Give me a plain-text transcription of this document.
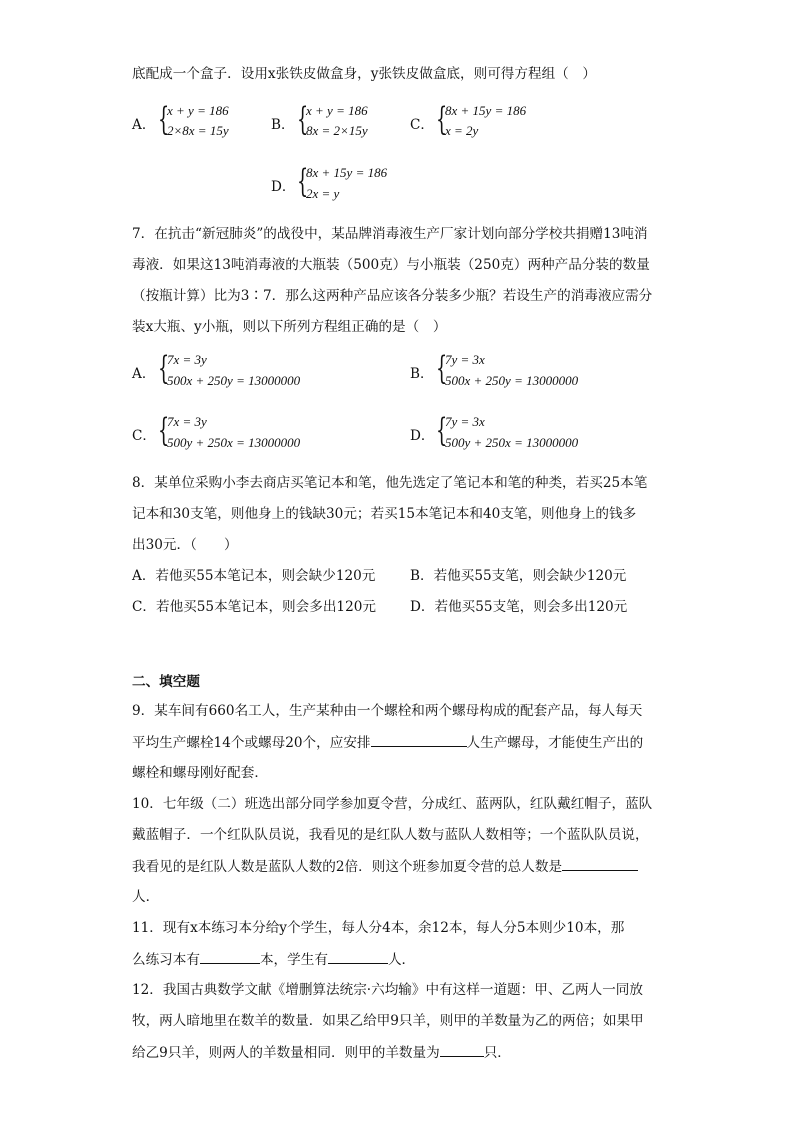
底配成一个盒子．设用x张铁皮做盒身，y张铁皮做盒底，则可得方程组（　）
A． {
x + y = 186
2×8x = 15y	B． {
x + y = 186
8x = 2×15y	C． {
8x + 15y = 186
x = 2y
D． {
8x + 15y = 186
2x = y
7．在抗击“新冠肺炎”的战役中，某品牌消毒液生产厂家计划向部分学校共捐赠13吨消
毒液．如果这13吨消毒液的大瓶装（500克）与小瓶装（250克）两种产品分装的数量
（按瓶计算）比为3∶7．那么这两种产品应该各分装多少瓶？若设生产的消毒液应需分
装x大瓶、y小瓶，则以下所列方程组正确的是（　）
A． {
7x = 3y
500x + 250y = 13000000	B． {
7y = 3x
500x + 250y = 13000000
C． {
7x = 3y
500y + 250x = 13000000	D． {
7y = 3x
500y + 250x = 13000000
8．某单位采购小李去商店买笔记本和笔，他先选定了笔记本和笔的种类，若买25本笔
记本和30支笔，则他身上的钱缺30元；若买15本笔记本和40支笔，则他身上的钱多
出30元．（　　）
A．若他买55本笔记本，则会缺少120元	B．若他买55支笔，则会缺少120元
C．若他买55本笔记本，则会多出120元	D．若他买55支笔，则会多出120元
二、填空题
9．某车间有660名工人，生产某种由一个螺栓和两个螺母构成的配套产品，每人每天
平均生产螺栓14个或螺母20个，应安排	人生产螺母，才能使生产出的
螺栓和螺母刚好配套．
10．七年级（二）班选出部分同学参加夏令营，分成红、蓝两队，红队戴红帽子，蓝队
戴蓝帽子．一个红队队员说，我看见的是红队人数与蓝队人数相等；一个蓝队队员说，
我看见的是红队人数是蓝队人数的2倍．则这个班参加夏令营的总人数是
人．
11．现有x本练习本分给y个学生，每人分4本，余12本，每人分5本则少10本，那
么练习本有	本，学生有	人．
12．我国古典数学文献《增删算法统宗·六均输》中有这样一道题：甲、乙两人一同放
牧，两人暗地里在数羊的数量．如果乙给甲9只羊，则甲的羊数量为乙的两倍；如果甲
给乙9只羊，则两人的羊数量相同．则甲的羊数量为	只．
